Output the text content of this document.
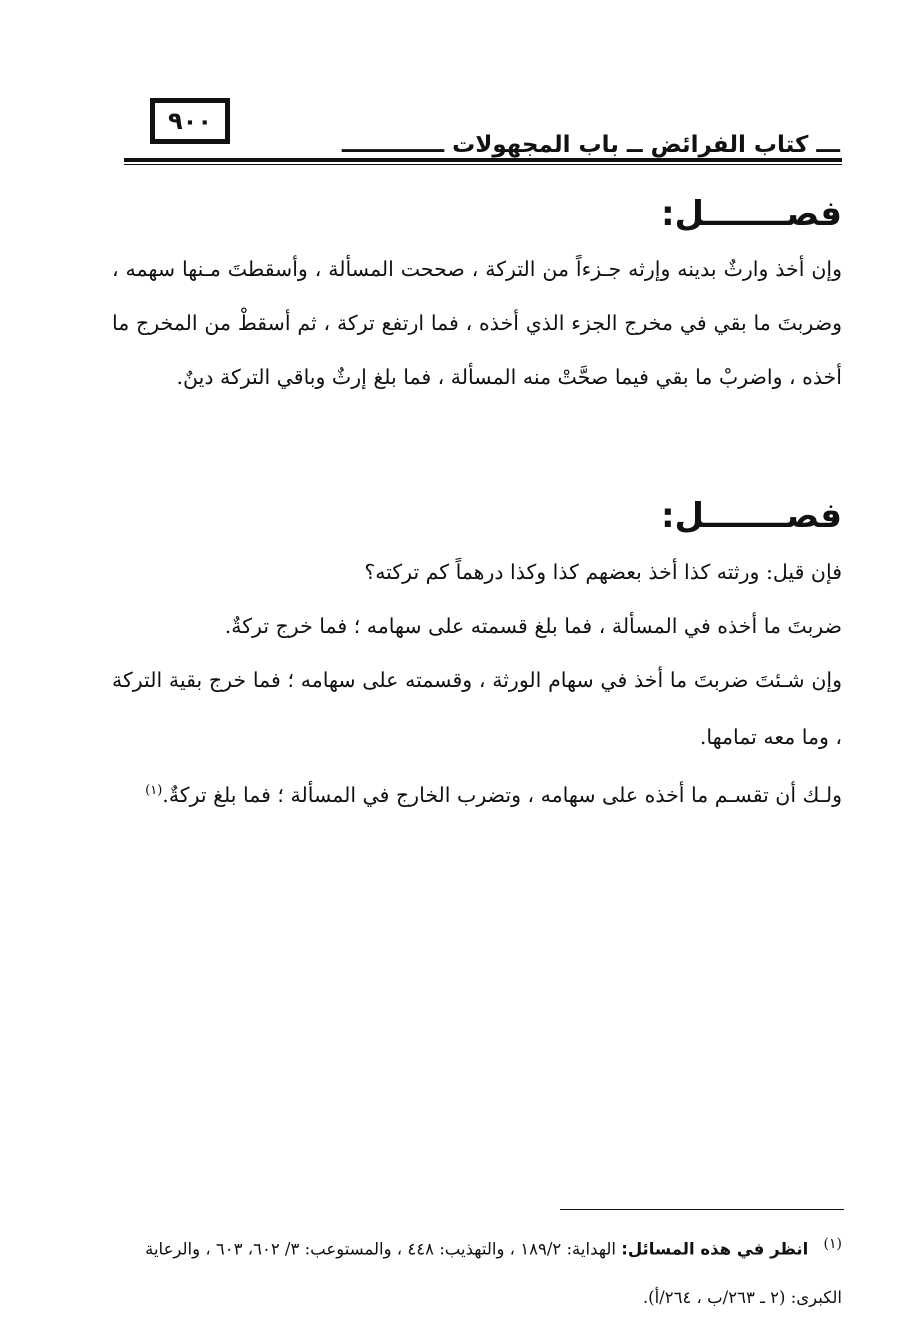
٩٠٠
ـــ كتاب الفرائض ــ باب المجهولات ـــــــــــــ
فصـــــــل:
وإن أخذ وارثٌ بدينه وإرثه جـزءاً من التركة ، صححت المسألة ، وأسقطتَ مـنها سهمه ، وضربتَ ما بقي في مخرج الجزء الذي أخذه ، فما ارتفع تركة ، ثم أسقطْ من المخرج ما أخذه ، واضربْ ما بقي فيما صحَّتْ منه المسألة ، فما بلغ إرثٌ وباقي التركة دينٌ.
فصـــــــل:
فإن قيل: ورثته كذا أخذ بعضهم كذا وكذا درهماً كم تركته؟
ضربتَ ما أخذه في المسألة ، فما بلغ قسمته على سهامه ؛ فما خرج تركةٌ.
وإن شـئتَ ضربتَ ما أخذ في سهام الورثة ، وقسمته على سهامه ؛ فما خرج بقية التركة ، وما معه تمامها.
ولـك أن تقسـم ما أخذه على سهامه ، وتضرب الخارج في المسألة ؛ فما بلغ تركةٌ.$^{(١)}$
$^{(١)}$ انظر في هذه المسائل: الهداية: ١٨٩/٢ ، والتهذيب: ٤٤٨ ، والمستوعب: ٣/ ٦٠٢، ٦٠٣ ، والرعاية الكبرى: (٢ ـ ٢٦٣/ب ، ٢٦٤/أ).
